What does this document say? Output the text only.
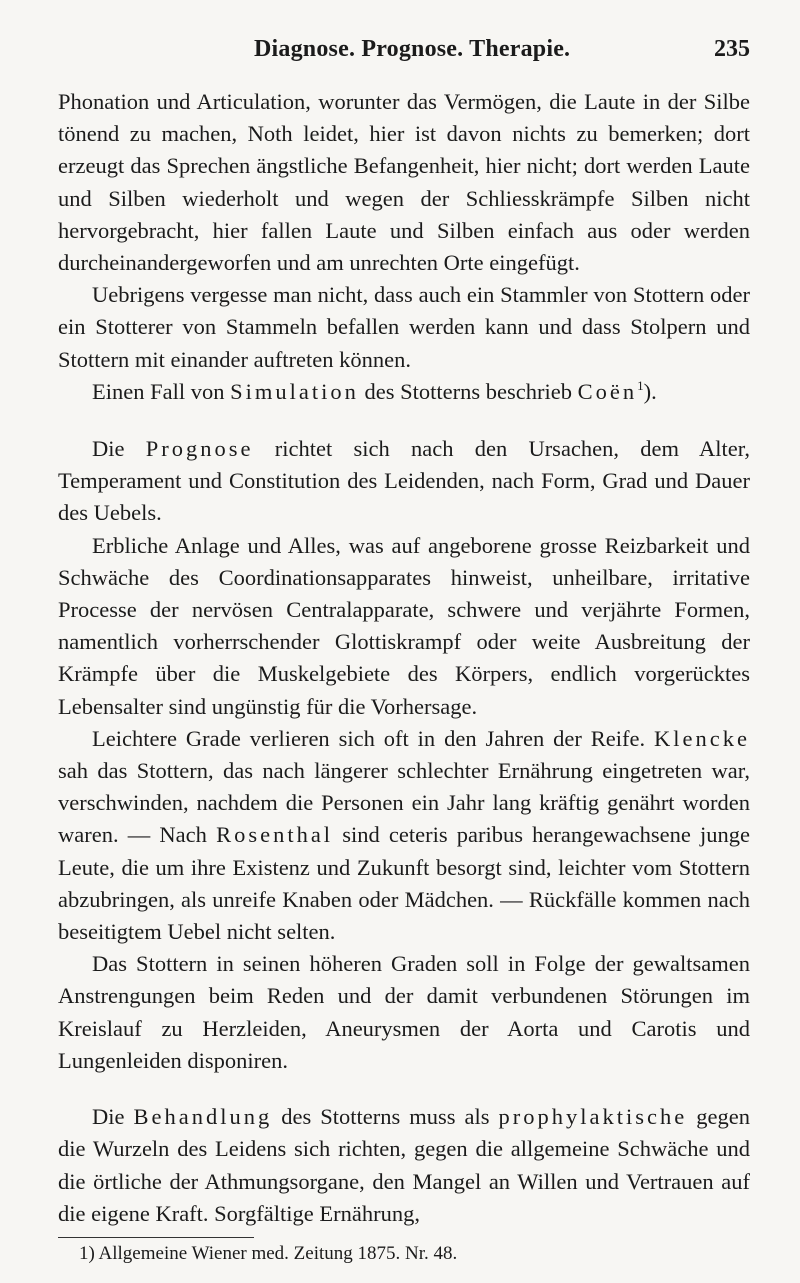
Diagnose. Prognose. Therapie.	235

Phonation und Articulation, worunter das Vermögen, die Laute in der Silbe tönend zu machen, Noth leidet, hier ist davon nichts zu bemerken; dort erzeugt das Sprechen ängstliche Befangenheit, hier nicht; dort werden Laute und Silben wiederholt und wegen der Schliesskrämpfe Silben nicht hervorgebracht, hier fallen Laute und Silben einfach aus oder werden durcheinandergeworfen und am unrechten Orte eingefügt.

Uebrigens vergesse man nicht, dass auch ein Stammler von Stottern oder ein Stotterer von Stammeln befallen werden kann und dass Stolpern und Stottern mit einander auftreten können.

Einen Fall von Simulation des Stotterns beschrieb Coën$^1$).

Die Prognose richtet sich nach den Ursachen, dem Alter, Temperament und Constitution des Leidenden, nach Form, Grad und Dauer des Uebels.

Erbliche Anlage und Alles, was auf angeborene grosse Reizbarkeit und Schwäche des Coordinationsapparates hinweist, unheilbare, irritative Processe der nervösen Centralapparate, schwere und verjährte Formen, namentlich vorherrschender Glottiskrampf oder weite Ausbreitung der Krämpfe über die Muskelgebiete des Körpers, endlich vorgerücktes Lebensalter sind ungünstig für die Vorhersage.

Leichtere Grade verlieren sich oft in den Jahren der Reife. Klencke sah das Stottern, das nach längerer schlechter Ernährung eingetreten war, verschwinden, nachdem die Personen ein Jahr lang kräftig genährt worden waren. — Nach Rosenthal sind ceteris paribus herangewachsene junge Leute, die um ihre Existenz und Zukunft besorgt sind, leichter vom Stottern abzubringen, als unreife Knaben oder Mädchen. — Rückfälle kommen nach beseitigtem Uebel nicht selten.

Das Stottern in seinen höheren Graden soll in Folge der gewaltsamen Anstrengungen beim Reden und der damit verbundenen Störungen im Kreislauf zu Herzleiden, Aneurysmen der Aorta und Carotis und Lungenleiden disponiren.

Die Behandlung des Stotterns muss als prophylaktische gegen die Wurzeln des Leidens sich richten, gegen die allgemeine Schwäche und die örtliche der Athmungsorgane, den Mangel an Willen und Vertrauen auf die eigene Kraft. Sorgfältige Ernährung,

1) Allgemeine Wiener med. Zeitung 1875. Nr. 48.
